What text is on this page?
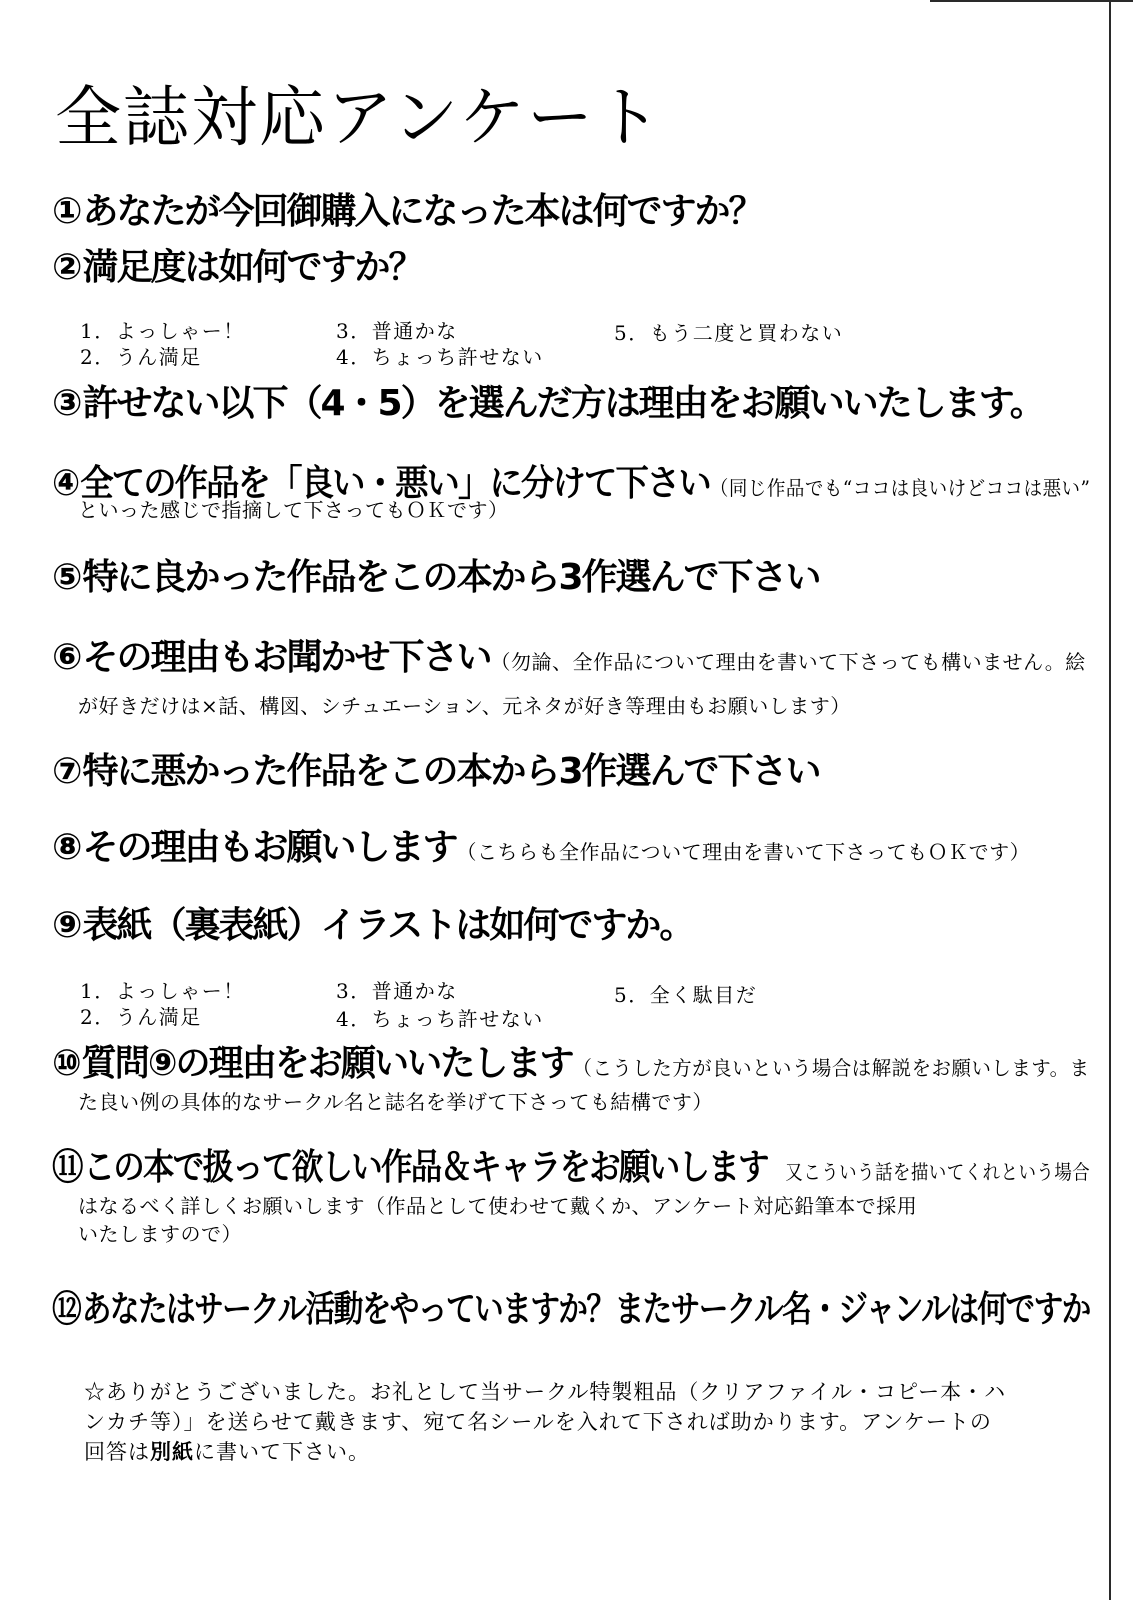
全誌対応アンケート
①あなたが今回御購入になった本は何ですか？
②満足度は如何ですか？
1．よっしゃー！
2．うん満足
3．普通かな
4．ちょっち許せない
5．もう二度と買わない
③許せない以下（4・5）を選んだ方は理由をお願いいたします。
④全ての作品を「良い・悪い」に分けて下さい（同じ作品でも“ココは良いけどココは悪い”
といった感じで指摘して下さってもＯＫです）
⑤特に良かった作品をこの本から3作選んで下さい
⑥その理由もお聞かせ下さい（勿論、全作品について理由を書いて下さっても構いません。絵
が好きだけは×話、構図、シチュエーション、元ネタが好き等理由もお願いします）
⑦特に悪かった作品をこの本から3作選んで下さい
⑧その理由もお願いします（こちらも全作品について理由を書いて下さってもＯＫです）
⑨表紙（裏表紙）イラストは如何ですか。
1．よっしゃー！
2．うん満足
3．普通かな
4．ちょっち許せない
5．全く駄目だ
⑩質問⑨の理由をお願いいたします（こうした方が良いという場合は解説をお願いします。ま
た良い例の具体的なサークル名と誌名を挙げて下さっても結構です）
⑪この本で扱って欲しい作品＆キャラをお願いします 又こういう話を描いてくれという場合
はなるべく詳しくお願いします（作品として使わせて戴くか、アンケート対応鉛筆本で採用
いたしますので）
⑫あなたはサークル活動をやっていますか？またサークル名・ジャンルは何ですか
☆ありがとうございました。お礼として当サークル特製粗品（クリアファイル・コピー本・ハ
ンカチ等）」を送らせて戴きます、宛て名シールを入れて下されば助かります。アンケートの
回答は別紙に書いて下さい。
